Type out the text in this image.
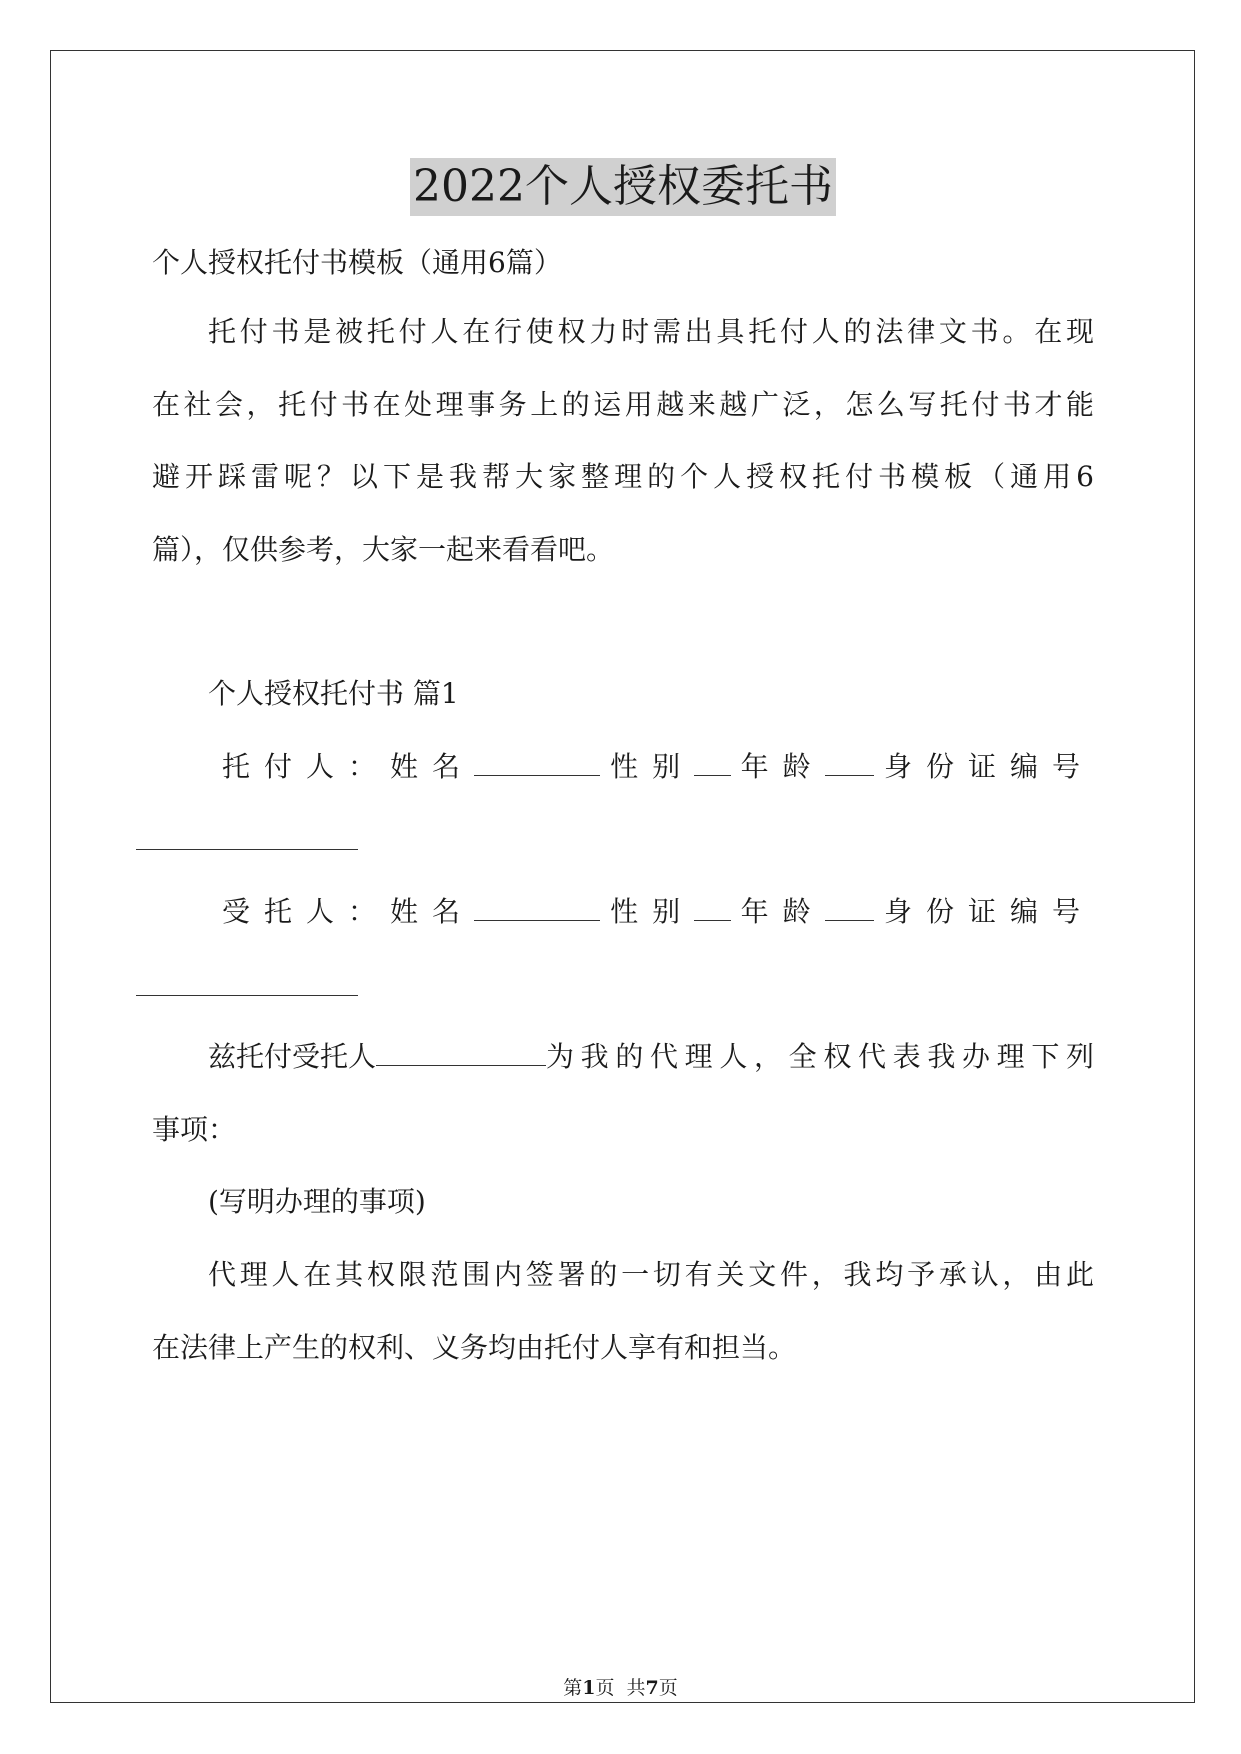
2022个人授权委托书
个人授权托付书模板（通用6篇）
托付书是被托付人在行使权力时需出具托付人的法律文书。在现
在社会，托付书在处理事务上的运用越来越广泛，怎么写托付书才能
避开踩雷呢？以下是我帮大家整理的个人授权托付书模板（通用6
篇），仅供参考，大家一起来看看吧。
个人授权托付书 篇1
托付人： 姓名	性别 年龄 身份证编号
受托人： 姓名	性别 年龄 身份证编号
兹托付受托人	为我的代理人，全权代表我办理下列
事项：
(写明办理的事项)
代理人在其权限范围内签署的一切有关文件，我均予承认，由此
在法律上产生的权利、义务均由托付人享有和担当。
第1页  共7页
